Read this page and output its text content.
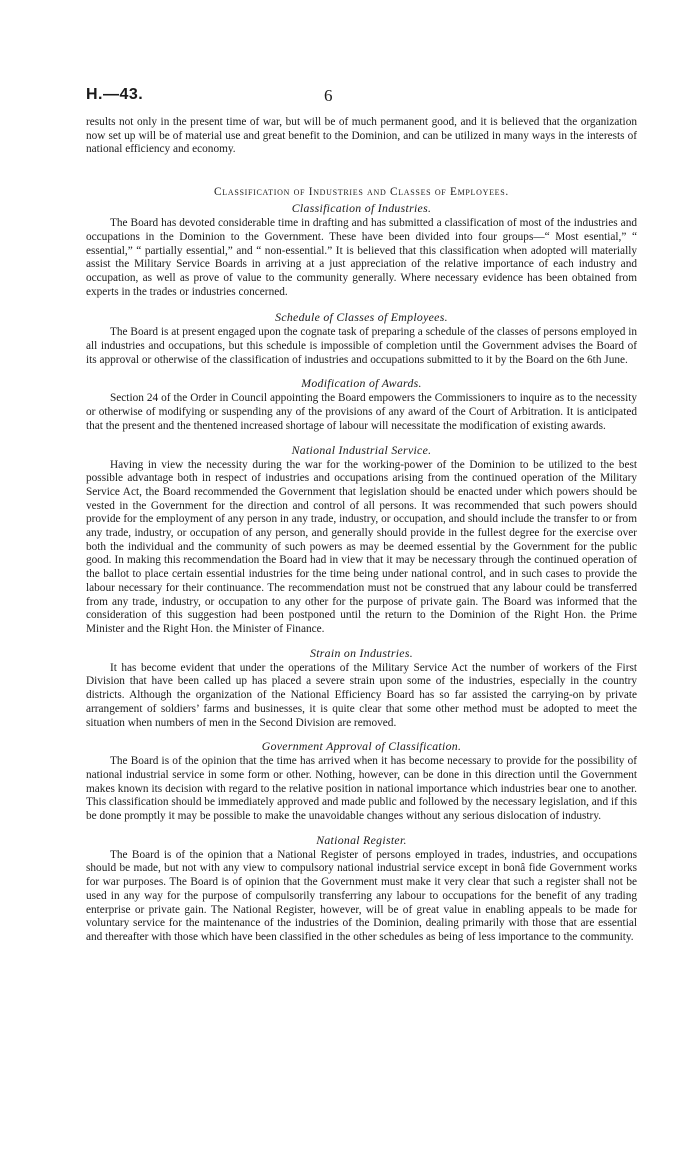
H.—43.	6

results not only in the present time of war, but will be of much permanent good, and it is believed that the organization now set up will be of material use and great benefit to the Dominion, and can be utilized in many ways in the interests of national efficiency and economy.

Classification of Industries and Classes of Employees.
Classification of Industries.

The Board has devoted considerable time in drafting and has submitted a classification of most of the industries and occupations in the Dominion to the Government. These have been divided into four groups—“ Most esential,” “ essential,” “ partially essential,” and “ non-essential.” It is believed that this classification when adopted will materially assist the Military Service Boards in arriving at a just appreciation of the relative importance of each industry and occupation, as well as prove of value to the community generally. Where necessary evidence has been obtained from experts in the trades or industries concerned.

Schedule of Classes of Employees.

The Board is at present engaged upon the cognate task of preparing a schedule of the classes of persons employed in all industries and occupations, but this schedule is impossible of completion until the Government advises the Board of its approval or otherwise of the classification of industries and occupations submitted to it by the Board on the 6th June.

Modification of Awards.

Section 24 of the Order in Council appointing the Board empowers the Commissioners to inquire as to the necessity or otherwise of modifying or suspending any of the provisions of any award of the Court of Arbitration. It is anticipated that the present and the thentened increased shortage of labour will necessitate the modification of existing awards.

National Industrial Service.

Having in view the necessity during the war for the working-power of the Dominion to be utilized to the best possible advantage both in respect of industries and occupations arising from the continued operation of the Military Service Act, the Board recommended the Government that legislation should be enacted under which powers should be vested in the Government for the direction and control of all persons. It was recommended that such powers should provide for the employment of any person in any trade, industry, or occupation, and should include the transfer to or from any trade, industry, or occupation of any person, and generally should provide in the fullest degree for the exercise over both the individual and the community of such powers as may be deemed essential by the Government for the public good. In making this recommendation the Board had in view that it may be necessary through the continued operation of the ballot to place certain essential industries for the time being under national control, and in such cases to provide the labour necessary for their continuance. The recommendation must not be construed that any labour could be transferred from any trade, industry, or occupation to any other for the purpose of private gain. The Board was informed that the consideration of this suggestion had been postponed until the return to the Dominion of the Right Hon. the Prime Minister and the Right Hon. the Minister of Finance.

Strain on Industries.

It has become evident that under the operations of the Military Service Act the number of workers of the First Division that have been called up has placed a severe strain upon some of the industries, especially in the country districts. Although the organization of the National Efficiency Board has so far assisted the carrying-on by private arrangement of soldiers’ farms and businesses, it is quite clear that some other method must be adopted to meet the situation when numbers of men in the Second Division are removed.

Government Approval of Classification.

The Board is of the opinion that the time has arrived when it has become necessary to provide for the possibility of national industrial service in some form or other. Nothing, however, can be done in this direction until the Government makes known its decision with regard to the relative position in national importance which industries bear one to another. This classification should be immediately approved and made public and followed by the necessary legislation, and if this be done promptly it may be possible to make the unavoidable changes without any serious dislocation of industry.

National Register.

The Board is of the opinion that a National Register of persons employed in trades, industries, and occupations should be made, but not with any view to compulsory national industrial service except in bonâ fide Government works for war purposes. The Board is of opinion that the Government must make it very clear that such a register shall not be used in any way for the purpose of compulsorily transferring any labour to occupations for the benefit of any trading enterprise or private gain. The National Register, however, will be of great value in enabling appeals to be made for voluntary service for the maintenance of the industries of the Dominion, dealing primarily with those that are essential and thereafter with those which have been classified in the other schedules as being of less importance to the community.
